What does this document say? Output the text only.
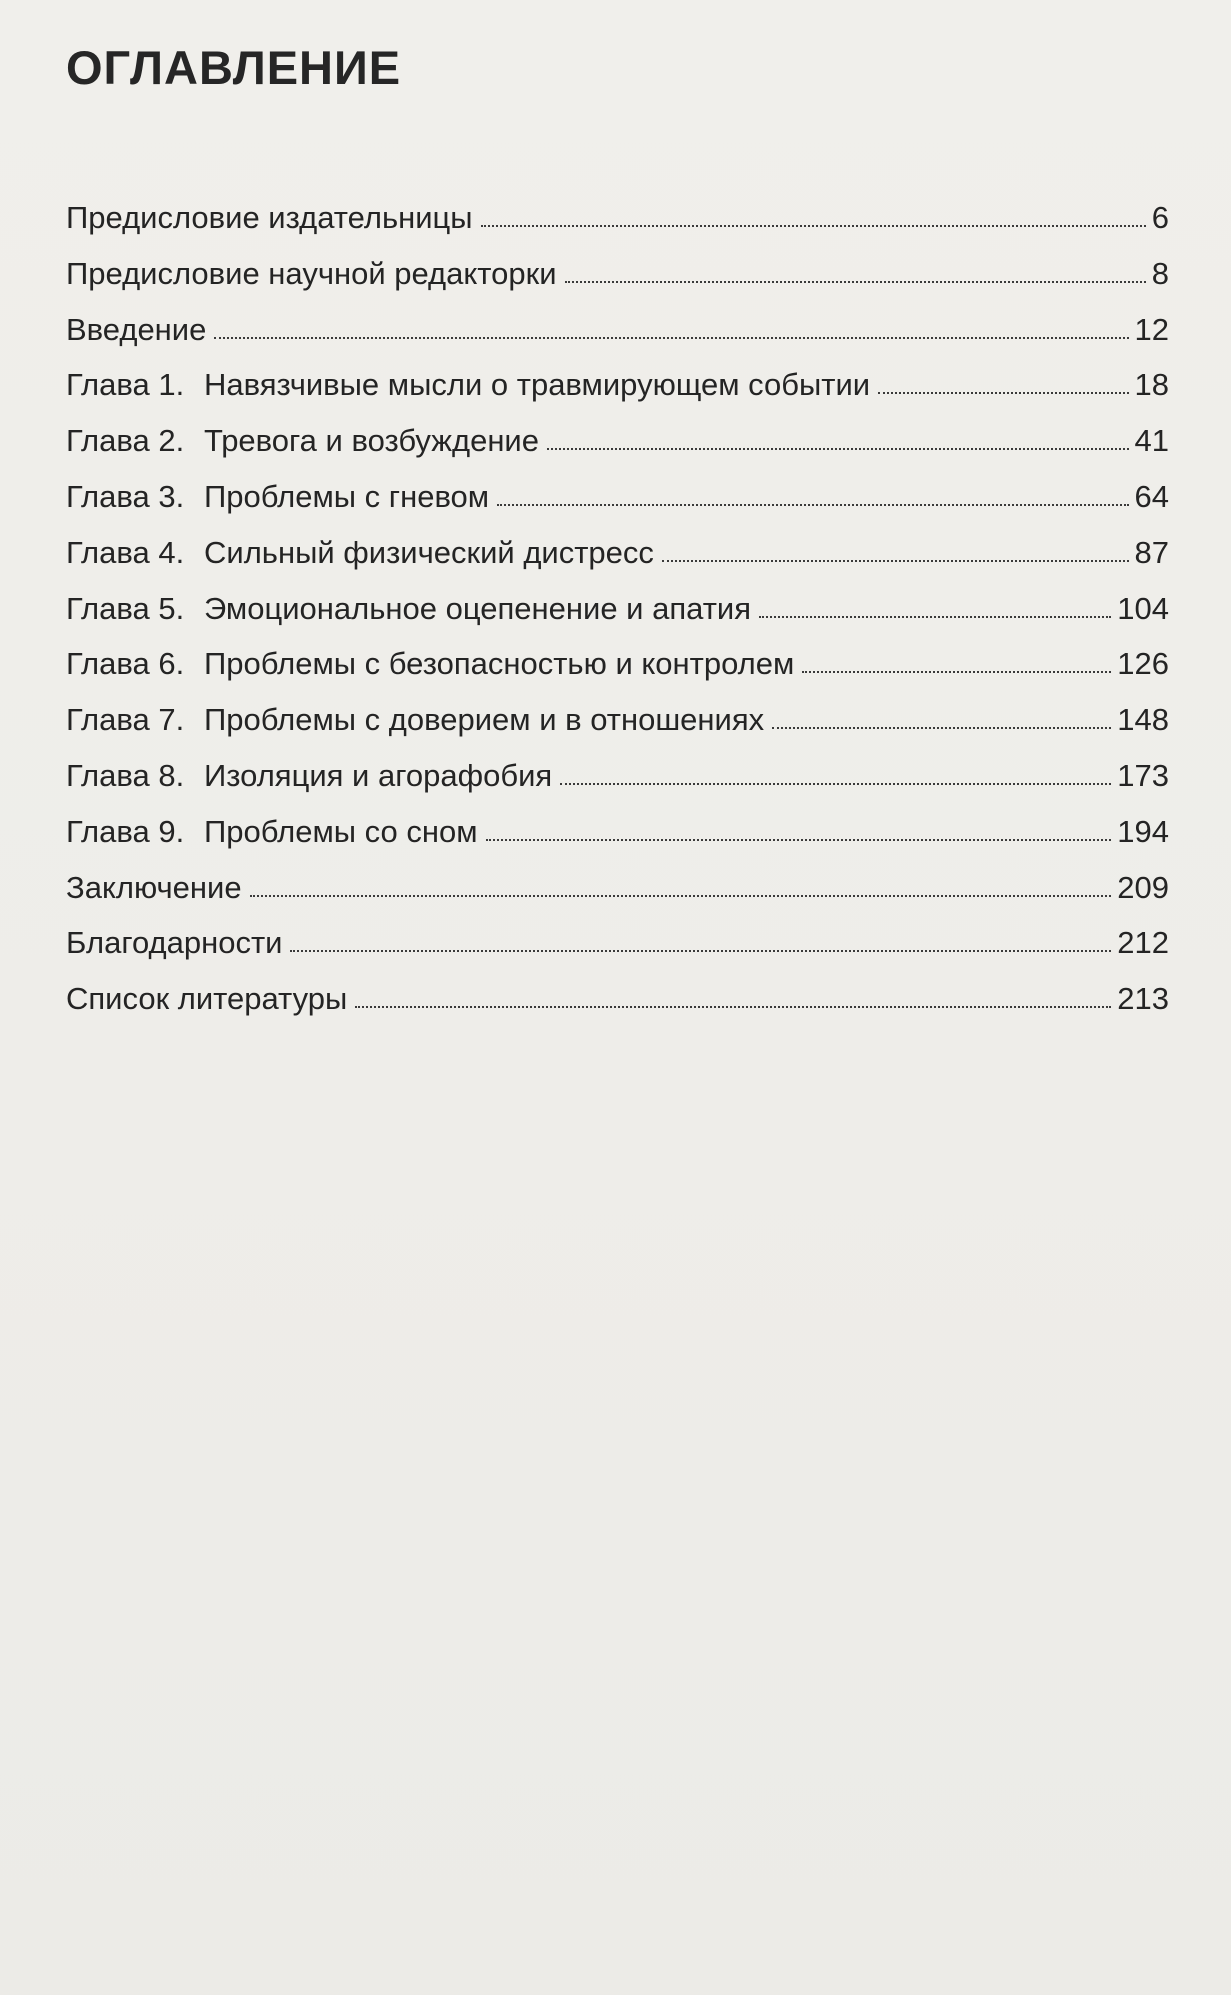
ОГЛАВЛЕНИЕ
Предисловие издательницы	6
Предисловие научной редакторки	8
Введение	12
Глава 1. Навязчивые мысли о травмирующем событии	18
Глава 2. Тревога и возбуждение	41
Глава 3. Проблемы с гневом	64
Глава 4. Сильный физический дистресс	87
Глава 5. Эмоциональное оцепенение и апатия	104
Глава 6. Проблемы с безопасностью и контролем	126
Глава 7. Проблемы с доверием и в отношениях	148
Глава 8. Изоляция и агорафобия	173
Глава 9. Проблемы со сном	194
Заключение	209
Благодарности	212
Список литературы	213
